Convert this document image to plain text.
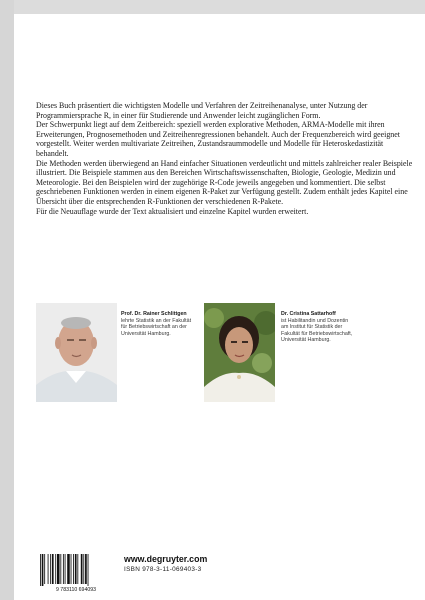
Dieses Buch präsentiert die wichtigsten Modelle und Verfahren der Zeitreihenanalyse, unter Nutzung der Programmiersprache R, in einer für Studierende und Anwender leicht zugänglichen Form.

Der Schwerpunkt liegt auf dem Zeitbereich: speziell werden explorative Methoden, ARMA-Modelle mit ihren Erweiterungen, Prognosemethoden und Zeitreihenregressionen behandelt. Auch der Frequenzbereich wird geeignet vorgestellt. Weiter werden multivariate Zeitreihen, Zustandsraummodelle und Modelle für Heteroskedastizität behandelt.

Die Methoden werden überwiegend an Hand einfacher Situationen verdeutlicht und mittels zahlreicher realer Beispiele illustriert. Die Beispiele stammen aus den Bereichen Wirtschaftswissenschaften, Biologie, Geologie, Medizin und Meteorologie. Bei den Beispielen wird der zugehörige R-Code jeweils angegeben und kommentiert. Die selbst geschriebenen Funktionen werden in einem eigenen R-Paket zur Verfügung gestellt. Zudem enthält jedes Kapitel eine Übersicht über die entsprechenden R-Funktionen der verschiedenen R-Pakete.

Für die Neuauflage wurde der Text aktualisiert und einzelne Kapitel wurden erweitert.

Prof. Dr. Rainer Schlittgen
lehrte Statistik an der Fakultät
für Betriebswirtschaft an der
Universität Hamburg.
Dr. Cristina Sattarhoff
ist Habilitandin und Dozentin
am Institut für Statistik der
Fakultät für Betriebswirtschaft,
Universität Hamburg.
9 783110 694093
www.degruyter.com
ISBN 978-3-11-069403-3
